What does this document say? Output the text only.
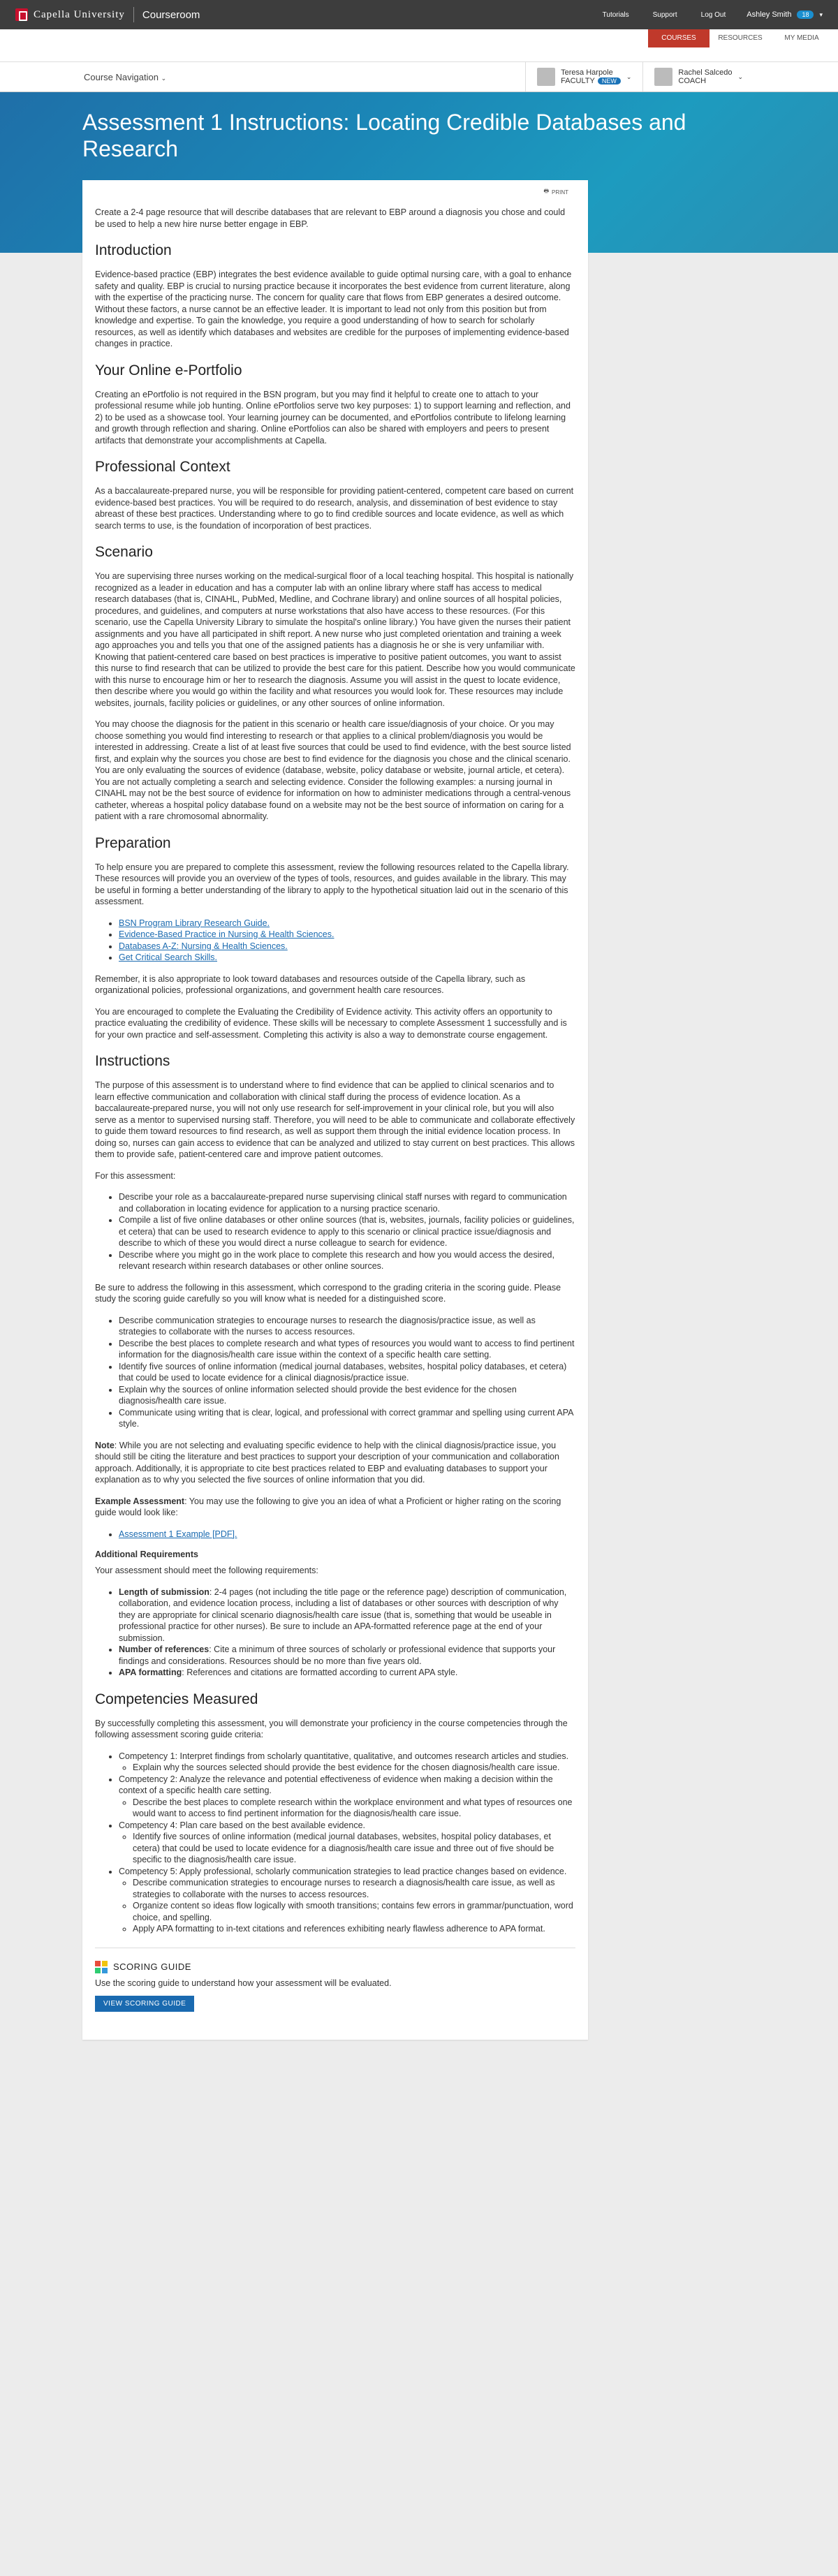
Capella University Courseroom	Tutorials	Support	Log Out	Ashley Smith	18	▾
COURSES	RESOURCES	MY MEDIA
Course Navigation ⌄
Teresa Harpole
FACULTY NEW
⌄	Rachel Salcedo
COACH
⌄
Assessment 1 Instructions: Locating Credible Databases and Research
🖶 PRINT

Create a 2-4 page resource that will describe databases that are relevant to EBP around a diagnosis you chose and could be used to help a new hire nurse better engage in EBP.

Introduction

Evidence-based practice (EBP) integrates the best evidence available to guide optimal nursing care, with a goal to enhance safety and quality. EBP is crucial to nursing practice because it incorporates the best evidence from current literature, along with the expertise of the practicing nurse. The concern for quality care that flows from EBP generates a desired outcome. Without these factors, a nurse cannot be an effective leader. It is important to lead not only from this position but from knowledge and expertise. To gain the knowledge, you require a good understanding of how to search for scholarly resources, as well as identify which databases and websites are credible for the purposes of implementing evidence-based changes in practice.

Your Online e-Portfolio

Creating an ePortfolio is not required in the BSN program, but you may find it helpful to create one to attach to your professional resume while job hunting. Online ePortfolios serve two key purposes: 1) to support learning and reflection, and 2) to be used as a showcase tool. Your learning journey can be documented, and ePortfolios contribute to lifelong learning and growth through reflection and sharing. Online ePortfolios can also be shared with employers and peers to present artifacts that demonstrate your accomplishments at Capella.

Professional Context

As a baccalaureate-prepared nurse, you will be responsible for providing patient-centered, competent care based on current evidence-based best practices. You will be required to do research, analysis, and dissemination of best evidence to stay abreast of these best practices. Understanding where to go to find credible sources and locate evidence, as well as which search terms to use, is the foundation of incorporation of best practices.

Scenario

You are supervising three nurses working on the medical-surgical floor of a local teaching hospital. This hospital is nationally recognized as a leader in education and has a computer lab with an online library where staff has access to medical research databases (that is, CINAHL, PubMed, Medline, and Cochrane library) and online sources of all hospital policies, procedures, and guidelines, and computers at nurse workstations that also have access to these resources. (For this scenario, use the Capella University Library to simulate the hospital's online library.) You have given the nurses their patient assignments and you have all participated in shift report. A new nurse who just completed orientation and training a week ago approaches you and tells you that one of the assigned patients has a diagnosis he or she is very unfamiliar with. Knowing that patient-centered care based on best practices is imperative to positive patient outcomes, you want to assist this nurse to find research that can be utilized to provide the best care for this patient. Describe how you would communicate with this nurse to encourage him or her to research the diagnosis. Assume you will assist in the quest to locate evidence, then describe where you would go within the facility and what resources you would look for. These resources may include websites, journals, facility policies or guidelines, or any other sources of online information.

You may choose the diagnosis for the patient in this scenario or health care issue/diagnosis of your choice. Or you may choose something you would find interesting to research or that applies to a clinical problem/diagnosis you would be interested in addressing. Create a list of at least five sources that could be used to find evidence, with the best source listed first, and explain why the sources you chose are best to find evidence for the diagnosis you chose and the clinical scenario. You are only evaluating the sources of evidence (database, website, policy database or website, journal article, et cetera). You are not actually completing a search and selecting evidence. Consider the following examples: a nursing journal in CINAHL may not be the best source of evidence for information on how to administer medications through a central-venous catheter, whereas a hospital policy database found on a website may not be the best source of information on caring for a patient with a rare chromosomal abnormality.

Preparation

To help ensure you are prepared to complete this assessment, review the following resources related to the Capella library. These resources will provide you an overview of the types of tools, resources, and guides available in the library. This may be useful in forming a better understanding of the library to apply to the hypothetical situation laid out in the scenario of this assessment.

• BSN Program Library Research Guide.
• Evidence-Based Practice in Nursing & Health Sciences.
• Databases A-Z: Nursing & Health Sciences.
• Get Critical Search Skills.

Remember, it is also appropriate to look toward databases and resources outside of the Capella library, such as organizational policies, professional organizations, and government health care resources.

You are encouraged to complete the Evaluating the Credibility of Evidence activity. This activity offers an opportunity to practice evaluating the credibility of evidence. These skills will be necessary to complete Assessment 1 successfully and is for your own practice and self-assessment. Completing this activity is also a way to demonstrate course engagement.

Instructions

The purpose of this assessment is to understand where to find evidence that can be applied to clinical scenarios and to learn effective communication and collaboration with clinical staff during the process of evidence location. As a baccalaureate-prepared nurse, you will not only use research for self-improvement in your clinical role, but you will also serve as a mentor to supervised nursing staff. Therefore, you will need to be able to communicate and collaborate effectively to guide them toward resources to find research, as well as support them through the initial evidence location process. In doing so, nurses can gain access to evidence that can be analyzed and utilized to stay current on best practices. This allows them to provide safe, patient-centered care and improve patient outcomes.

For this assessment:

• Describe your role as a baccalaureate-prepared nurse supervising clinical staff nurses with regard to communication and collaboration in locating evidence for application to a nursing practice scenario.
• Compile a list of five online databases or other online sources (that is, websites, journals, facility policies or guidelines, et cetera) that can be used to research evidence to apply to this scenario or clinical practice issue/diagnosis and describe to which of these you would direct a nurse colleague to search for evidence.
• Describe where you might go in the work place to complete this research and how you would access the desired, relevant research within research databases or other online sources.

Be sure to address the following in this assessment, which correspond to the grading criteria in the scoring guide. Please study the scoring guide carefully so you will know what is needed for a distinguished score.

• Describe communication strategies to encourage nurses to research the diagnosis/practice issue, as well as strategies to collaborate with the nurses to access resources.
• Describe the best places to complete research and what types of resources you would want to access to find pertinent information for the diagnosis/health care issue within the context of a specific health care setting.
• Identify five sources of online information (medical journal databases, websites, hospital policy databases, et cetera) that could be used to locate evidence for a clinical diagnosis/practice issue.
• Explain why the sources of online information selected should provide the best evidence for the chosen diagnosis/health care issue.
• Communicate using writing that is clear, logical, and professional with correct grammar and spelling using current APA style.

Note: While you are not selecting and evaluating specific evidence to help with the clinical diagnosis/practice issue, you should still be citing the literature and best practices to support your description of your communication and collaboration approach. Additionally, it is appropriate to cite best practices related to EBP and evaluating databases to support your explanation as to why you selected the five sources of online information that you did.

Example Assessment: You may use the following to give you an idea of what a Proficient or higher rating on the scoring guide would look like:

• Assessment 1 Example [PDF].
Additional Requirements

Your assessment should meet the following requirements:

• Length of submission: 2-4 pages (not including the title page or the reference page) description of communication, collaboration, and evidence location process, including a list of databases or other sources with description of why they are appropriate for clinical scenario diagnosis/health care issue (that is, something that would be useable in professional practice for other nurses). Be sure to include an APA-formatted reference page at the end of your submission.
• Number of references: Cite a minimum of three sources of scholarly or professional evidence that supports your findings and considerations. Resources should be no more than five years old.
• APA formatting: References and citations are formatted according to current APA style.
Competencies Measured

By successfully completing this assessment, you will demonstrate your proficiency in the course competencies through the following assessment scoring guide criteria:

• Competency 1: Interpret findings from scholarly quantitative, qualitative, and outcomes research articles and studies.
◦ Explain why the sources selected should provide the best evidence for the chosen diagnosis/health care issue.
• Competency 2: Analyze the relevance and potential effectiveness of evidence when making a decision within the context of a specific health care setting.
◦ Describe the best places to complete research within the workplace environment and what types of resources one would want to access to find pertinent information for the diagnosis/health care issue.
• Competency 4: Plan care based on the best available evidence.
◦ Identify five sources of online information (medical journal databases, websites, hospital policy databases, et cetera) that could be used to locate evidence for a diagnosis/health care issue and three out of five should be specific to the diagnosis/health care issue.
• Competency 5: Apply professional, scholarly communication strategies to lead practice changes based on evidence.
◦ Describe communication strategies to encourage nurses to research a diagnosis/health care issue, as well as strategies to collaborate with the nurses to access resources.
◦ Organize content so ideas flow logically with smooth transitions; contains few errors in grammar/punctuation, word choice, and spelling.
◦ Apply APA formatting to in-text citations and references exhibiting nearly flawless adherence to APA format.
SCORING GUIDE

Use the scoring guide to understand how your assessment will be evaluated.

VIEW SCORING GUIDE
